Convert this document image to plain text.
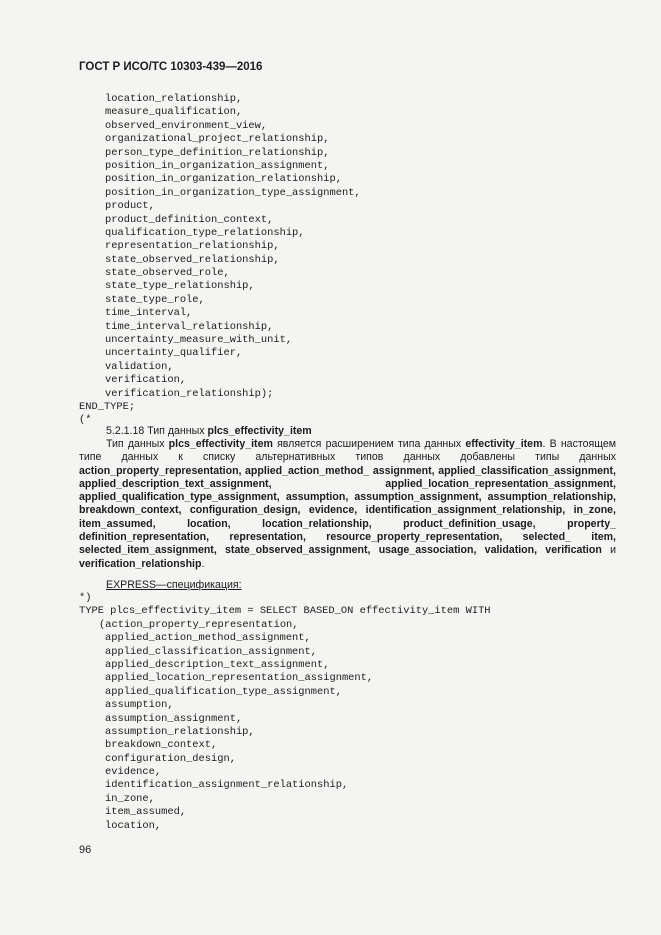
ГОСТ Р ИСО/ТС 10303-439—2016
location_relationship,
measure_qualification,
observed_environment_view,
organizational_project_relationship,
person_type_definition_relationship,
position_in_organization_assignment,
position_in_organization_relationship,
position_in_organization_type_assignment,
product,
product_definition_context,
qualification_type_relationship,
representation_relationship,
state_observed_relationship,
state_observed_role,
state_type_relationship,
state_type_role,
time_interval,
time_interval_relationship,
uncertainty_measure_with_unit,
uncertainty_qualifier,
validation,
verification,
verification_relationship);
END_TYPE;
(*
5.2.1.18 Тип данных plcs_effectivity_item
Тип данных plcs_effectivity_item является расширением типа данных effectivity_item. В настоящем типе данных к списку альтернативных типов данных добавлены типы данных action_property_representation, applied_action_method_ assignment, applied_classification_assignment, applied_description_text_assignment, applied_location_representation_assignment, applied_qualification_type_assignment, assumption, assumption_assignment, assumption_relationship, breakdown_context, configuration_design, evidence, identification_assignment_relationship, in_zone, item_assumed, location, location_relationship, product_definition_usage, property_ definition_representation, representation, resource_property_representation, selected_ item, selected_item_assignment, state_observed_assignment, usage_association, validation, verification и verification_relationship.
EXPRESS—спецификация:
*)
TYPE plcs_effectivity_item = SELECT BASED_ON effectivity_item WITH
(action_property_representation,
applied_action_method_assignment,
applied_classification_assignment,
applied_description_text_assignment,
applied_location_representation_assignment,
applied_qualification_type_assignment,
assumption,
assumption_assignment,
assumption_relationship,
breakdown_context,
configuration_design,
evidence,
identification_assignment_relationship,
in_zone,
item_assumed,
location,
96
